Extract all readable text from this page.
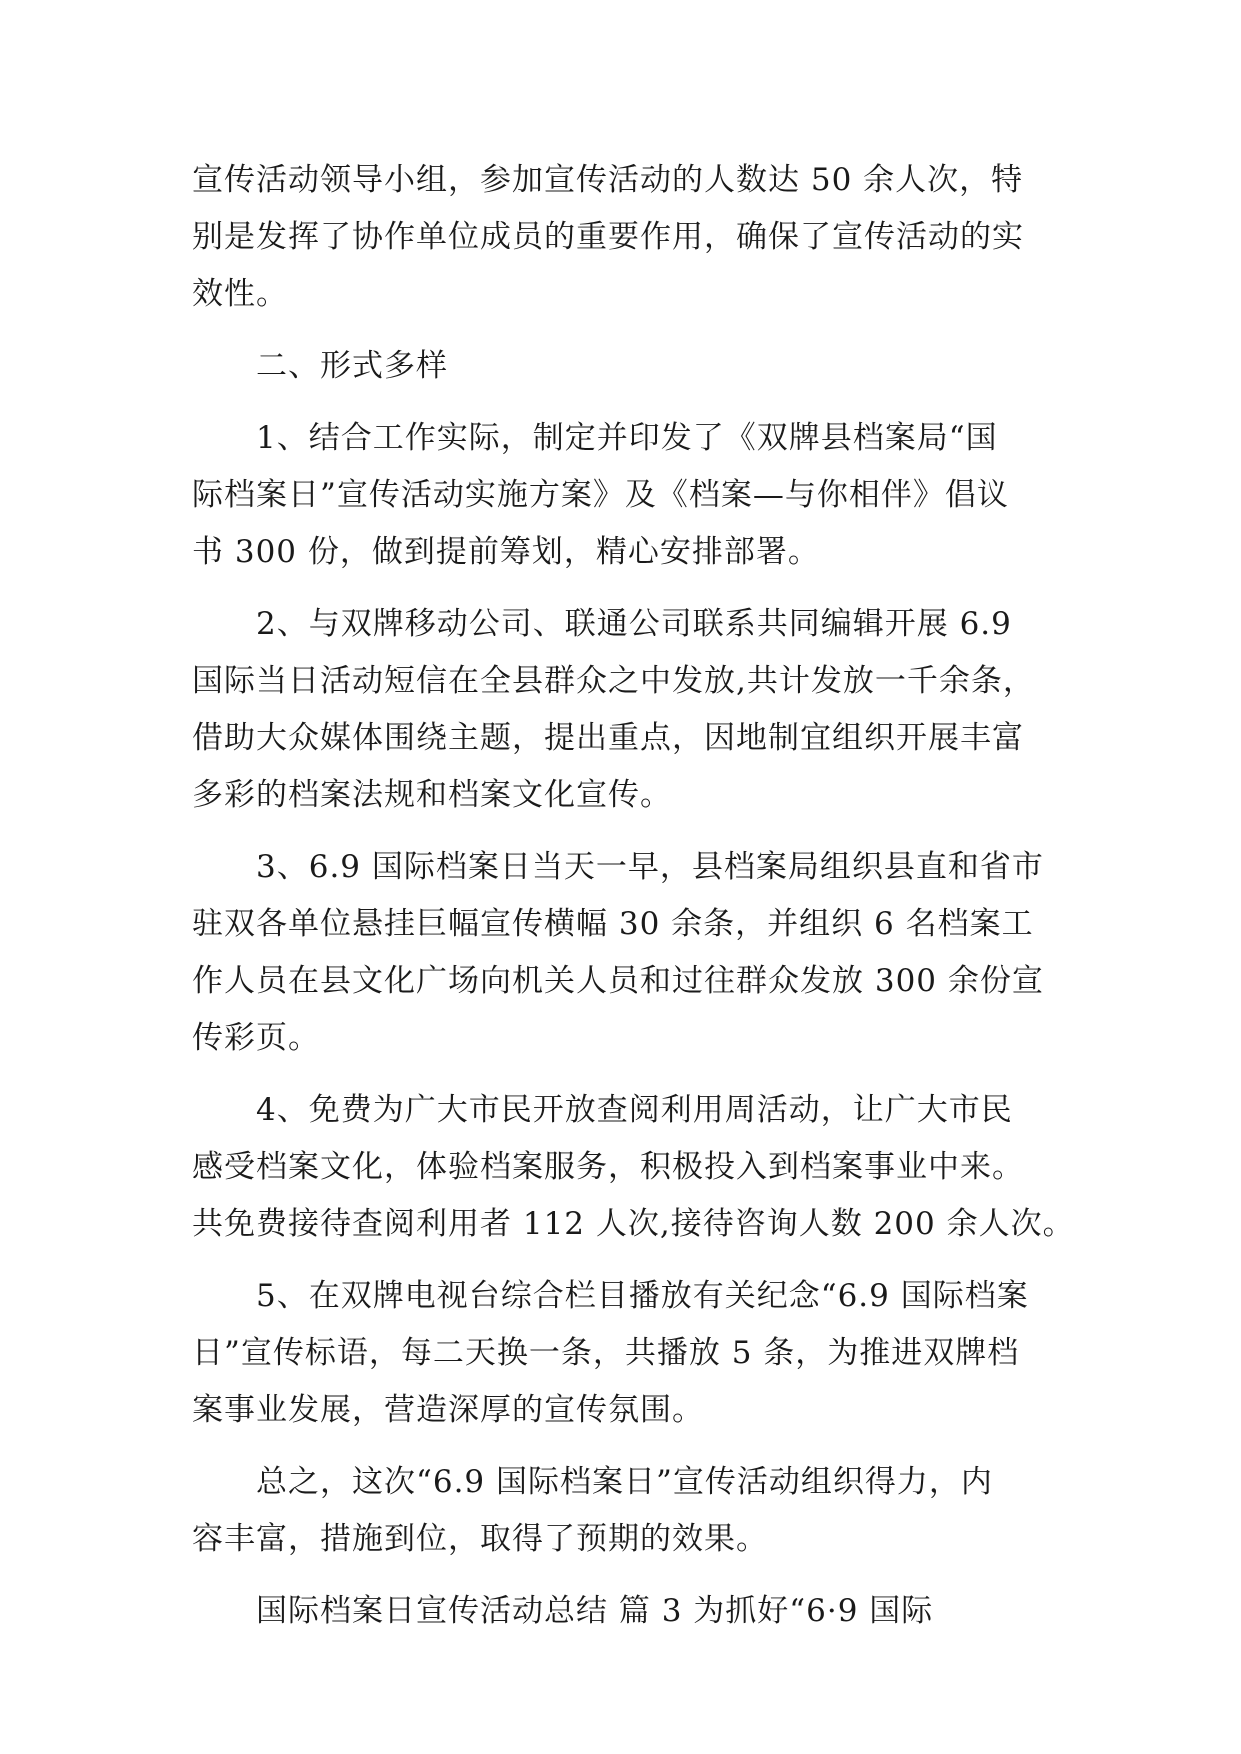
宣传活动领导小组，参加宣传活动的人数达 50 余人次，特
别是发挥了协作单位成员的重要作用，确保了宣传活动的实
效性。
二、形式多样
1、结合工作实际，制定并印发了《双牌县档案局“国
际档案日”宣传活动实施方案》及《档案—与你相伴》倡议
书 300 份，做到提前筹划，精心安排部署。
2、与双牌移动公司、联通公司联系共同编辑开展 6.9
国际当日活动短信在全县群众之中发放,共计发放一千余条，
借助大众媒体围绕主题，提出重点，因地制宜组织开展丰富
多彩的档案法规和档案文化宣传。
3、6.9 国际档案日当天一早，县档案局组织县直和省市
驻双各单位悬挂巨幅宣传横幅 30 余条，并组织 6 名档案工
作人员在县文化广场向机关人员和过往群众发放 300 余份宣
传彩页。
4、免费为广大市民开放查阅利用周活动，让广大市民
感受档案文化，体验档案服务，积极投入到档案事业中来。
共免费接待查阅利用者 112 人次,接待咨询人数 200 余人次。
5、在双牌电视台综合栏目播放有关纪念“6.9 国际档案
日”宣传标语，每二天换一条，共播放 5 条，为推进双牌档
案事业发展，营造深厚的宣传氛围。
总之，这次“6.9 国际档案日”宣传活动组织得力，内
容丰富，措施到位，取得了预期的效果。
国际档案日宣传活动总结 篇 3 为抓好“6·9 国际
